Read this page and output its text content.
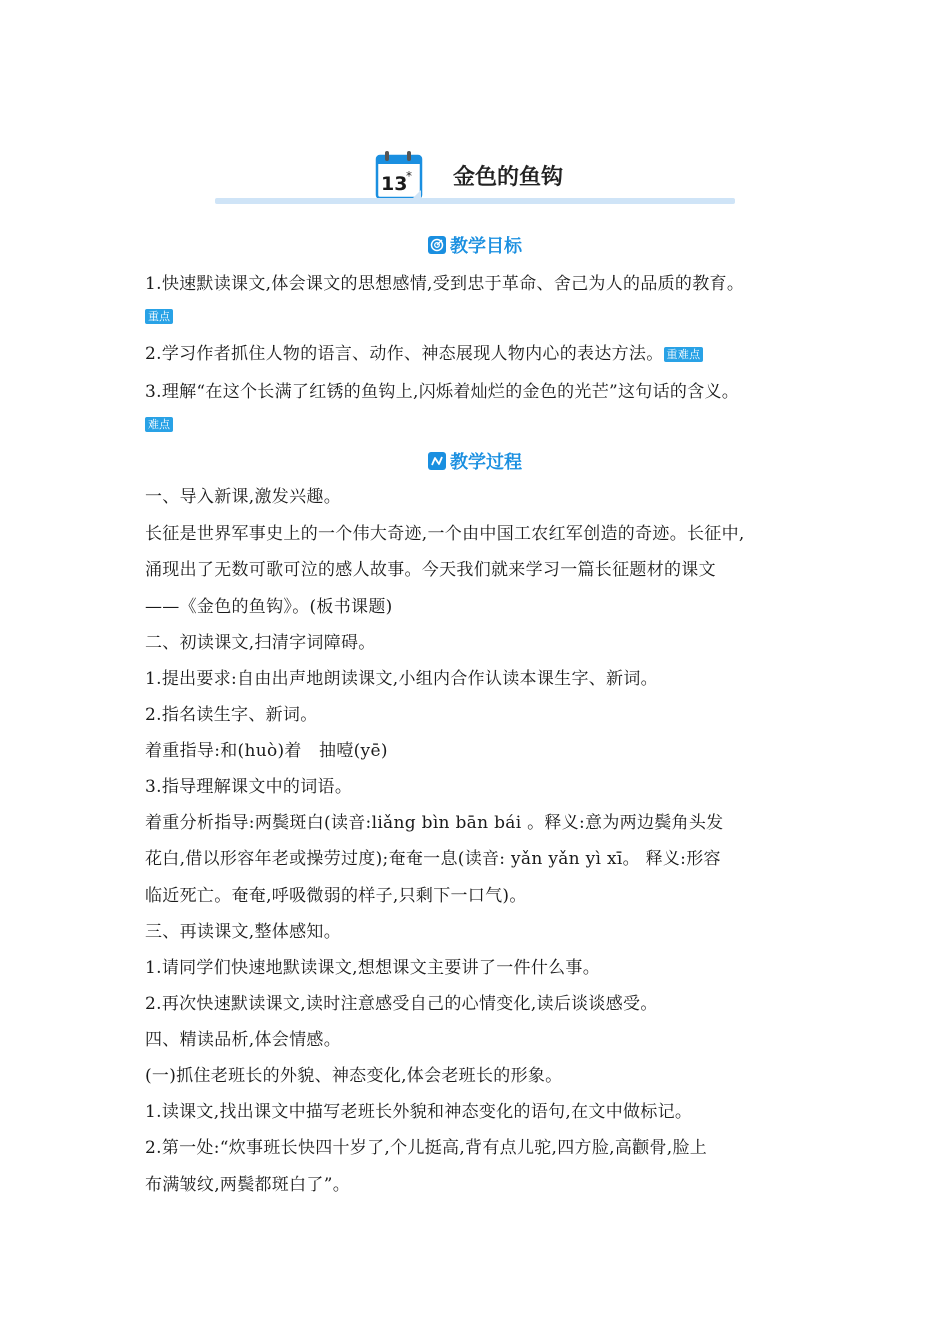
13
* 金色的鱼钩
教学目标
1.快速默读课文,体会课文的思想感情,受到忠于革命、舍己为人的品质的教育。
重点
2.学习作者抓住人物的语言、动作、神态展现人物内心的表达方法。 重难点
3.理解“在这个长满了红锈的鱼钩上,闪烁着灿烂的金色的光芒”这句话的含义。
难点
教学过程
一、导入新课,激发兴趣。
长征是世界军事史上的一个伟大奇迹,一个由中国工农红军创造的奇迹。长征中,
涌现出了无数可歌可泣的感人故事。今天我们就来学习一篇长征题材的课文
——《金色的鱼钩》。(板书课题)
二、初读课文,扫清字词障碍。
1.提出要求:自由出声地朗读课文,小组内合作认读本课生字、新词。
2.指名读生字、新词。
着重指导:和(huò)着　抽噎(yē)
3.指导理解课文中的词语。
着重分析指导:两鬓斑白(读音:liǎng bìn bān bái 。释义:意为两边鬓角头发
花白,借以形容年老或操劳过度);奄奄一息(读音: yǎn yǎn yì xī。 释义:形容
临近死亡。奄奄,呼吸微弱的样子,只剩下一口气)。
三、再读课文,整体感知。
1.请同学们快速地默读课文,想想课文主要讲了一件什么事。
2.再次快速默读课文,读时注意感受自己的心情变化,读后谈谈感受。
四、精读品析,体会情感。
(一)抓住老班长的外貌、神态变化,体会老班长的形象。
1.读课文,找出课文中描写老班长外貌和神态变化的语句,在文中做标记。
2.第一处:“炊事班长快四十岁了,个儿挺高,背有点儿驼,四方脸,高颧骨,脸上
布满皱纹,两鬓都斑白了”。
